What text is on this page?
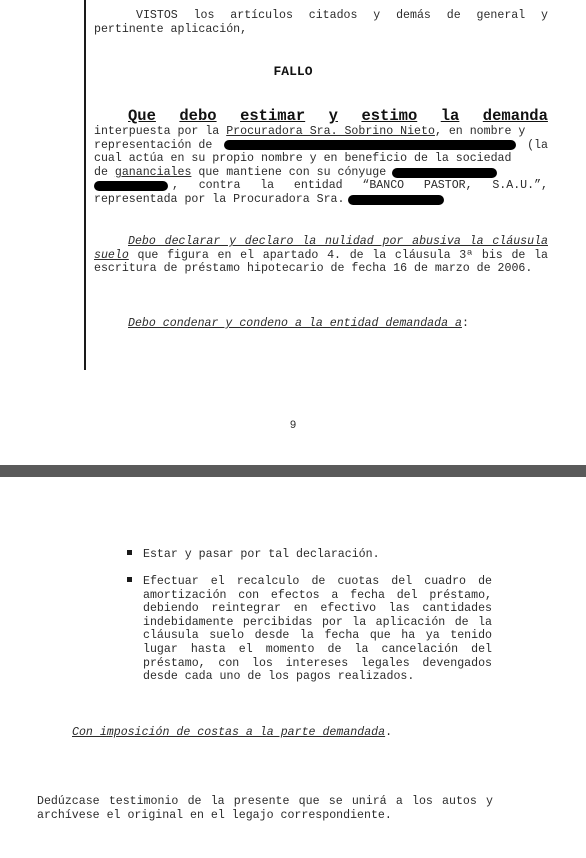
VISTOS los artículos citados y demás de general y pertinente aplicación,
FALLO
Que debo estimar y estimo la demanda
interpuesta por la Procuradora Sra. Sobrino Nieto, en nombre y
representación de	(la
cual actúa en su propio nombre y en beneficio de la sociedad
de gananciales que mantiene con su cónyuge
, contra la entidad “BANCO PASTOR, S.A.U.”,
representada por la Procuradora Sra.
Debo declarar y declaro la nulidad por abusiva la cláusula suelo que figura en el apartado 4. de la cláusula 3ª bis de la escritura de préstamo hipotecario de fecha 16 de marzo de 2006.
Debo condenar y condeno a la entidad demandada a:
9
Estar y pasar por tal declaración.
Efectuar el recalculo de cuotas del cuadro de amortización con efectos a fecha del préstamo, debiendo reintegrar en efectivo las cantidades indebidamente percibidas por la aplicación de la cláusula suelo desde la fecha que ha ya tenido lugar hasta el momento de la cancelación del préstamo, con los intereses legales devengados desde cada uno de los pagos realizados.
Con imposición de costas a la parte demandada.
Dedúzcase testimonio de la presente que se unirá a los autos y archívese el original en el legajo correspondiente.
